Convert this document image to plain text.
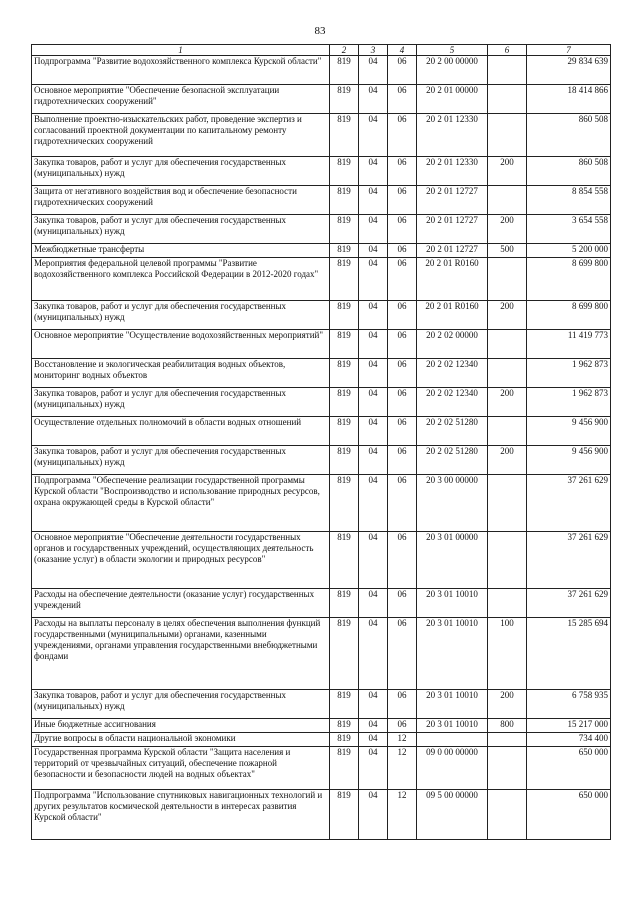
83
1	2	3	4	5	6	7
Подпрограмма "Развитие водохозяйственного комплекса Курской области"	819	04	06	20 2 00 00000		29 834 639
Основное мероприятие "Обеспечение безопасной эксплуатации гидротехнических сооружений"	819	04	06	20 2 01 00000		18 414 866
Выполнение проектно-изыскательских работ, проведение экспертиз и согласований проектной документации по капитальному ремонту гидротехнических сооружений	819	04	06	20 2 01 12330		860 508
Закупка товаров, работ и услуг для обеспечения государственных (муниципальных) нужд	819	04	06	20 2 01 12330	200	860 508
Защита от негативного воздействия вод и обеспечение безопасности гидротехнических сооружений	819	04	06	20 2 01 12727		8 854 558
Закупка товаров, работ и услуг для обеспечения государственных (муниципальных) нужд	819	04	06	20 2 01 12727	200	3 654 558
Межбюджетные трансферты	819	04	06	20 2 01 12727	500	5 200 000
Мероприятия федеральной целевой программы "Развитие водохозяйственного комплекса Российской Федерации в 2012-2020 годах"	819	04	06	20 2 01 R0160		8 699 800
Закупка товаров, работ и услуг для обеспечения государственных (муниципальных) нужд	819	04	06	20 2 01 R0160	200	8 699 800
Основное мероприятие "Осуществление водохозяйственных мероприятий"	819	04	06	20 2 02 00000		11 419 773
Восстановление и экологическая реабилитация водных объектов, мониторинг водных объектов	819	04	06	20 2 02 12340		1 962 873
Закупка товаров, работ и услуг для обеспечения государственных (муниципальных) нужд	819	04	06	20 2 02 12340	200	1 962 873
Осуществление отдельных полномочий в области водных отношений	819	04	06	20 2 02 51280		9 456 900
Закупка товаров, работ и услуг для обеспечения государственных (муниципальных) нужд	819	04	06	20 2 02 51280	200	9 456 900
Подпрограмма "Обеспечение реализации государственной программы Курской области "Воспроизводство и использование природных ресурсов, охрана окружающей среды в Курской области"	819	04	06	20 3 00 00000		37 261 629
Основное мероприятие "Обеспечение деятельности государственных органов и государственных учреждений, осуществляющих деятельность (оказание услуг) в области экологии и природных ресурсов"	819	04	06	20 3 01 00000		37 261 629
Расходы на обеспечение деятельности (оказание услуг) государственных учреждений	819	04	06	20 3 01 10010		37 261 629
Расходы на выплаты персоналу в целях обеспечения выполнения функций государственными (муниципальными) органами, казенными учреждениями, органами управления государственными внебюджетными фондами	819	04	06	20 3 01 10010	100	15 285 694
Закупка товаров, работ и услуг для обеспечения государственных (муниципальных) нужд	819	04	06	20 3 01 10010	200	6 758 935
Иные бюджетные ассигнования	819	04	06	20 3 01 10010	800	15 217 000
Другие вопросы в области национальной экономики	819	04	12			734 400
Государственная программа Курской области "Защита населения и территорий от чрезвычайных ситуаций, обеспечение пожарной безопасности и безопасности людей на водных объектах"	819	04	12	09 0 00 00000		650 000
Подпрограмма "Использование спутниковых навигационных технологий и других результатов космической деятельности в интересах развития Курской области"	819	04	12	09 5 00 00000		650 000
